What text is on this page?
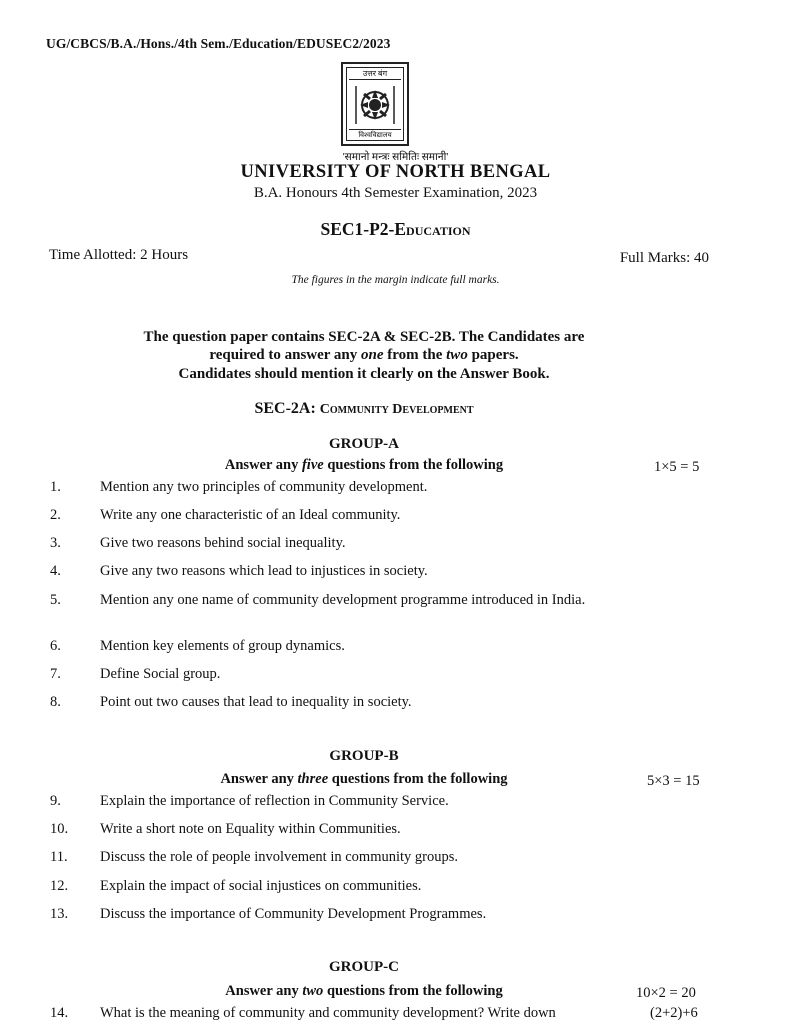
UG/CBCS/B.A./Hons./4th Sem./Education/EDUSEC2/2023
उत्तर बंग
विश्वविद्यालय
'समानो मन्त्रः समितिः समानी'
UNIVERSITY OF NORTH BENGAL
B.A. Honours 4th Semester Examination, 2023
SEC1-P2-Education
Time Allotted: 2 Hours	Full Marks: 40
The figures in the margin indicate full marks.
The question paper contains SEC-2A & SEC-2B. The Candidates are
required to answer any one from the two papers.
Candidates should mention it clearly on the Answer Book.
SEC-2A: Community Development
GROUP-A
Answer any five questions from the following	1×5 = 5
1.	Mention any two principles of community development.
2.	Write any one characteristic of an Ideal community.
3.	Give two reasons behind social inequality.
4.	Give any two reasons which lead to injustices in society.
5.	Mention any one name of community development programme introduced in India.
6.	Mention key elements of group dynamics.
7.	Define Social group.
8.	Point out two causes that lead to inequality in society.
GROUP-B
Answer any three questions from the following	5×3 = 15
9.	Explain the importance of reflection in Community Service.
10.	Write a short note on Equality within Communities.
11.	Discuss the role of people involvement in community groups.
12.	Explain the impact of social injustices on communities.
13.	Discuss the importance of Community Development Programmes.
GROUP-C
Answer any two questions from the following	10×2 = 20
14.	What is the meaning of community and community development? Write down	(2+2)+6
